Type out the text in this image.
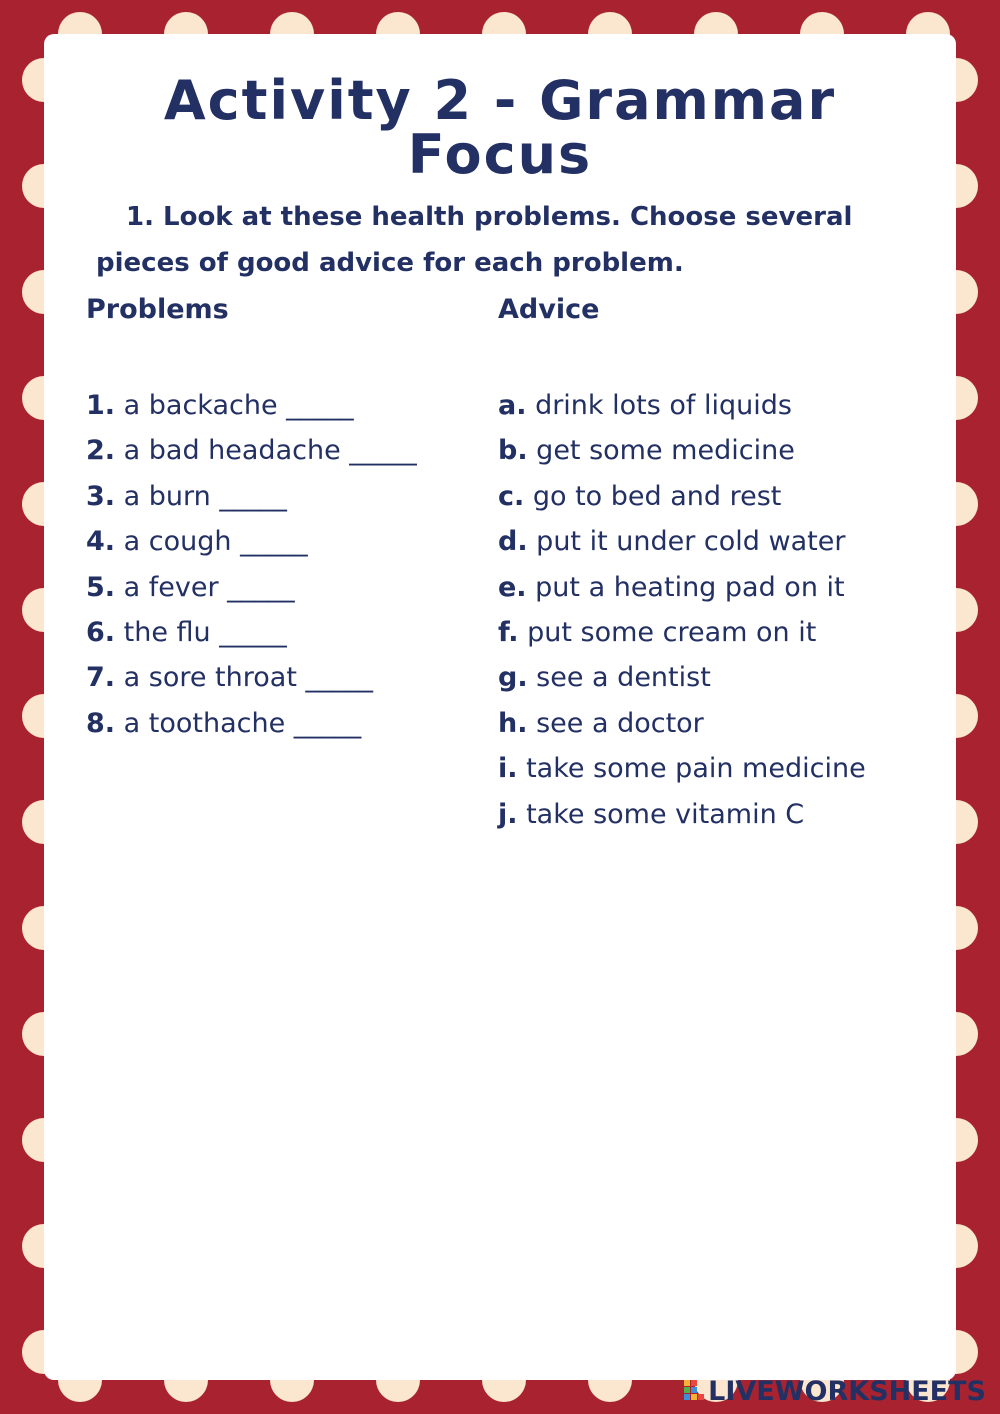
Activity 2 - Grammar
Focus
1. Look at these health problems. Choose several pieces of good advice for each problem.
Problems	Advice
1. a backache _____
2. a bad headache _____
3. a burn _____
4. a cough _____
5. a fever _____
6. the flu _____
7. a sore throat _____
8. a toothache _____
a. drink lots of liquids
b. get some medicine
c. go to bed and rest
d. put it under cold water
e. put a heating pad on it
f. put some cream on it
g. see a dentist
h. see a doctor
i. take some pain medicine
j. take some vitamin C
LIVEWORKSHEETS
